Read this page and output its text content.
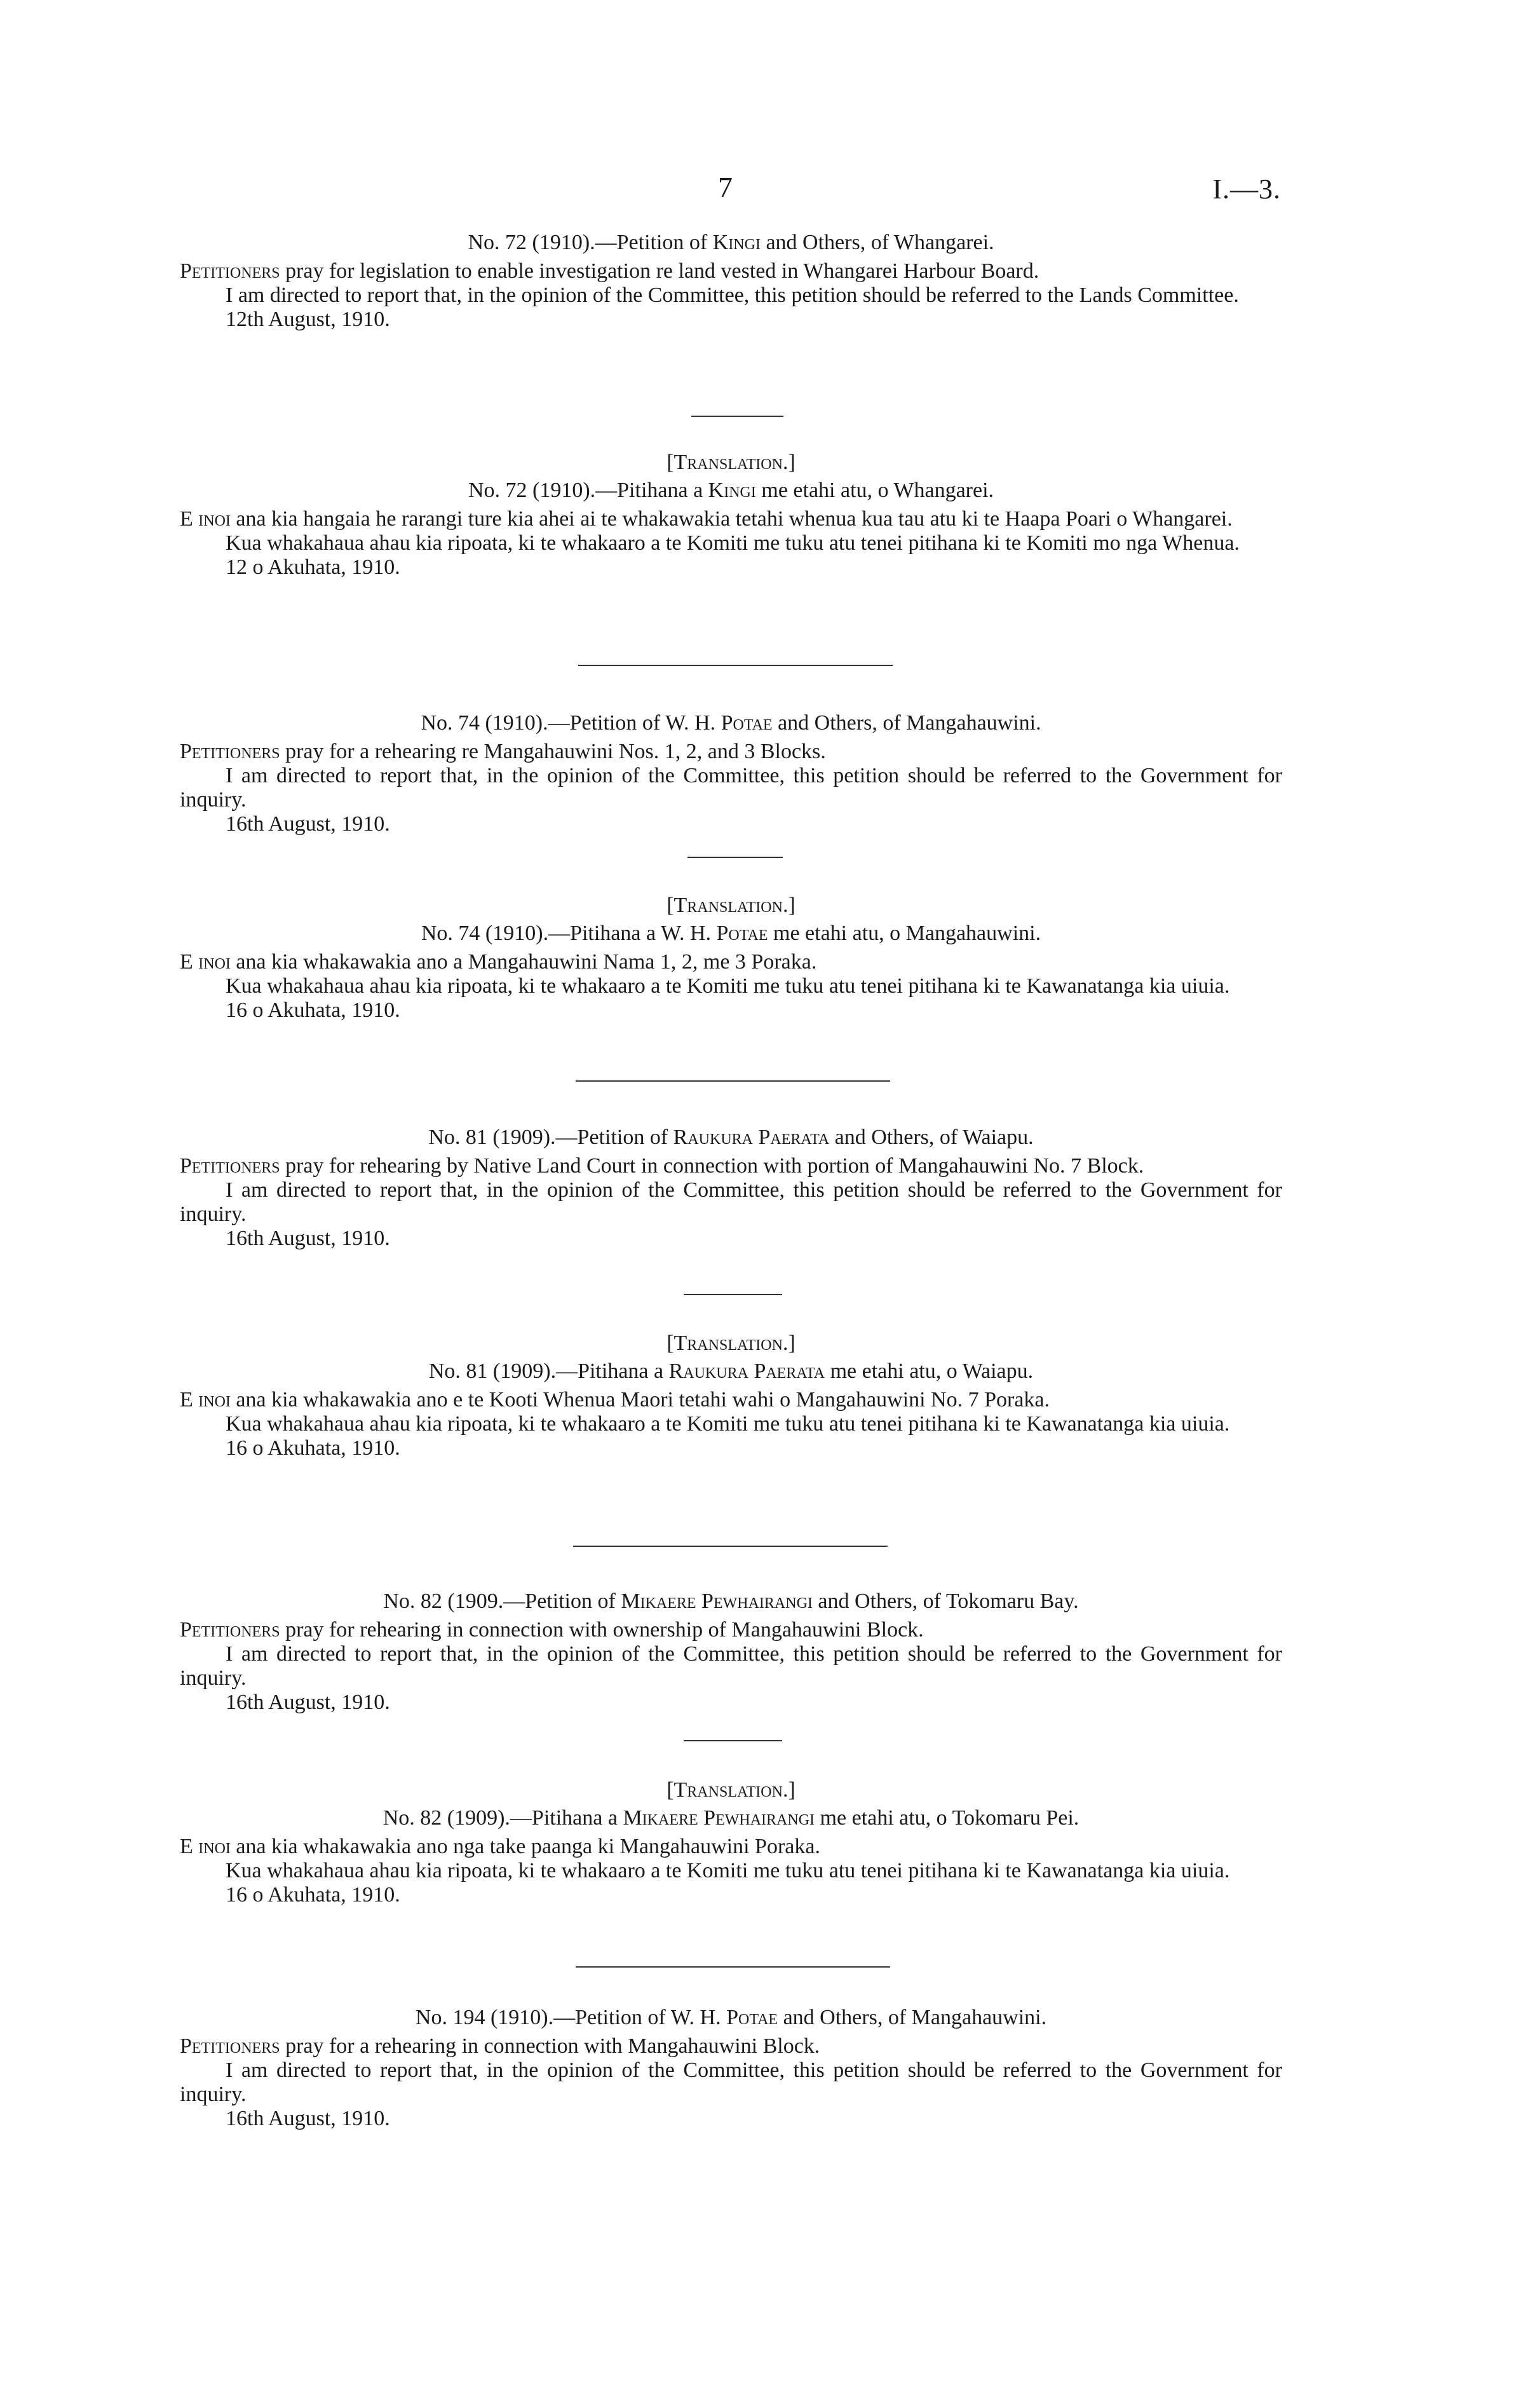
7	I.—3.
No. 72 (1910).—Petition of Kingi and Others, of Whangarei.

Petitioners pray for legislation to enable investigation re land vested in Whangarei Harbour Board.

I am directed to report that, in the opinion of the Committee, this petition should be referred to the Lands Committee.

12th August, 1910.

[Translation.]
No. 72 (1910).—Pitihana a Kingi me etahi atu, o Whangarei.

E inoi ana kia hangaia he rarangi ture kia ahei ai te whakawakia tetahi whenua kua tau atu ki te Haapa Poari o Whangarei.

Kua whakahaua ahau kia ripoata, ki te whakaaro a te Komiti me tuku atu tenei pitihana ki te Komiti mo nga Whenua.

12 o Akuhata, 1910.

No. 74 (1910).—Petition of W. H. Potae and Others, of Mangahauwini.

Petitioners pray for a rehearing re Mangahauwini Nos. 1, 2, and 3 Blocks.

I am directed to report that, in the opinion of the Committee, this petition should be referred to the Government for inquiry.

16th August, 1910.

[Translation.]
No. 74 (1910).—Pitihana a W. H. Potae me etahi atu, o Mangahauwini.

E inoi ana kia whakawakia ano a Mangahauwini Nama 1, 2, me 3 Poraka.

Kua whakahaua ahau kia ripoata, ki te whakaaro a te Komiti me tuku atu tenei pitihana ki te Kawanatanga kia uiuia.

16 o Akuhata, 1910.

No. 81 (1909).—Petition of Raukura Paerata and Others, of Waiapu.

Petitioners pray for rehearing by Native Land Court in connection with portion of Mangahauwini No. 7 Block.

I am directed to report that, in the opinion of the Committee, this petition should be referred to the Government for inquiry.

16th August, 1910.

[Translation.]
No. 81 (1909).—Pitihana a Raukura Paerata me etahi atu, o Waiapu.

E inoi ana kia whakawakia ano e te Kooti Whenua Maori tetahi wahi o Mangahauwini No. 7 Poraka.

Kua whakahaua ahau kia ripoata, ki te whakaaro a te Komiti me tuku atu tenei pitihana ki te Kawanatanga kia uiuia.

16 o Akuhata, 1910.

No. 82 (1909.—Petition of Mikaere Pewhairangi and Others, of Tokomaru Bay.

Petitioners pray for rehearing in connection with ownership of Mangahauwini Block.

I am directed to report that, in the opinion of the Committee, this petition should be referred to the Government for inquiry.

16th August, 1910.

[Translation.]
No. 82 (1909).—Pitihana a Mikaere Pewhairangi me etahi atu, o Tokomaru Pei.

E inoi ana kia whakawakia ano nga take paanga ki Mangahauwini Poraka.

Kua whakahaua ahau kia ripoata, ki te whakaaro a te Komiti me tuku atu tenei pitihana ki te Kawanatanga kia uiuia.

16 o Akuhata, 1910.

No. 194 (1910).—Petition of W. H. Potae and Others, of Mangahauwini.

Petitioners pray for a rehearing in connection with Mangahauwini Block.

I am directed to report that, in the opinion of the Committee, this petition should be referred to the Government for inquiry.

16th August, 1910.
